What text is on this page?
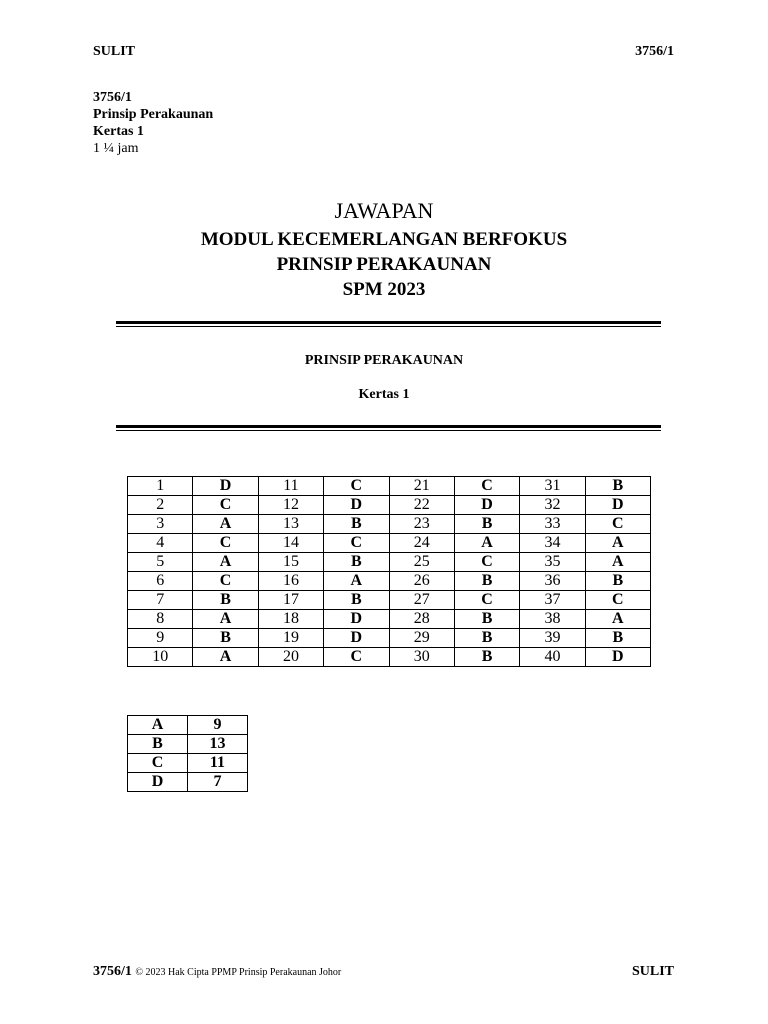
SULIT	3756/1
3756/1
Prinsip Perakaunan
Kertas 1
1 ¼ jam
JAWAPAN
MODUL KECEMERLANGAN BERFOKUS
PRINSIP PERAKAUNAN
SPM 2023
PRINSIP PERAKAUNAN
Kertas 1
1	D	11	C	21	C	31	B
2	C	12	D	22	D	32	D
3	A	13	B	23	B	33	C
4	C	14	C	24	A	34	A
5	A	15	B	25	C	35	A
6	C	16	A	26	B	36	B
7	B	17	B	27	C	37	C
8	A	18	D	28	B	38	A
9	B	19	D	29	B	39	B
10	A	20	C	30	B	40	D
A	9
B	13
C	11
D	7
3756/1 © 2023 Hak Cipta PPMP Prinsip Perakaunan Johor	SULIT
